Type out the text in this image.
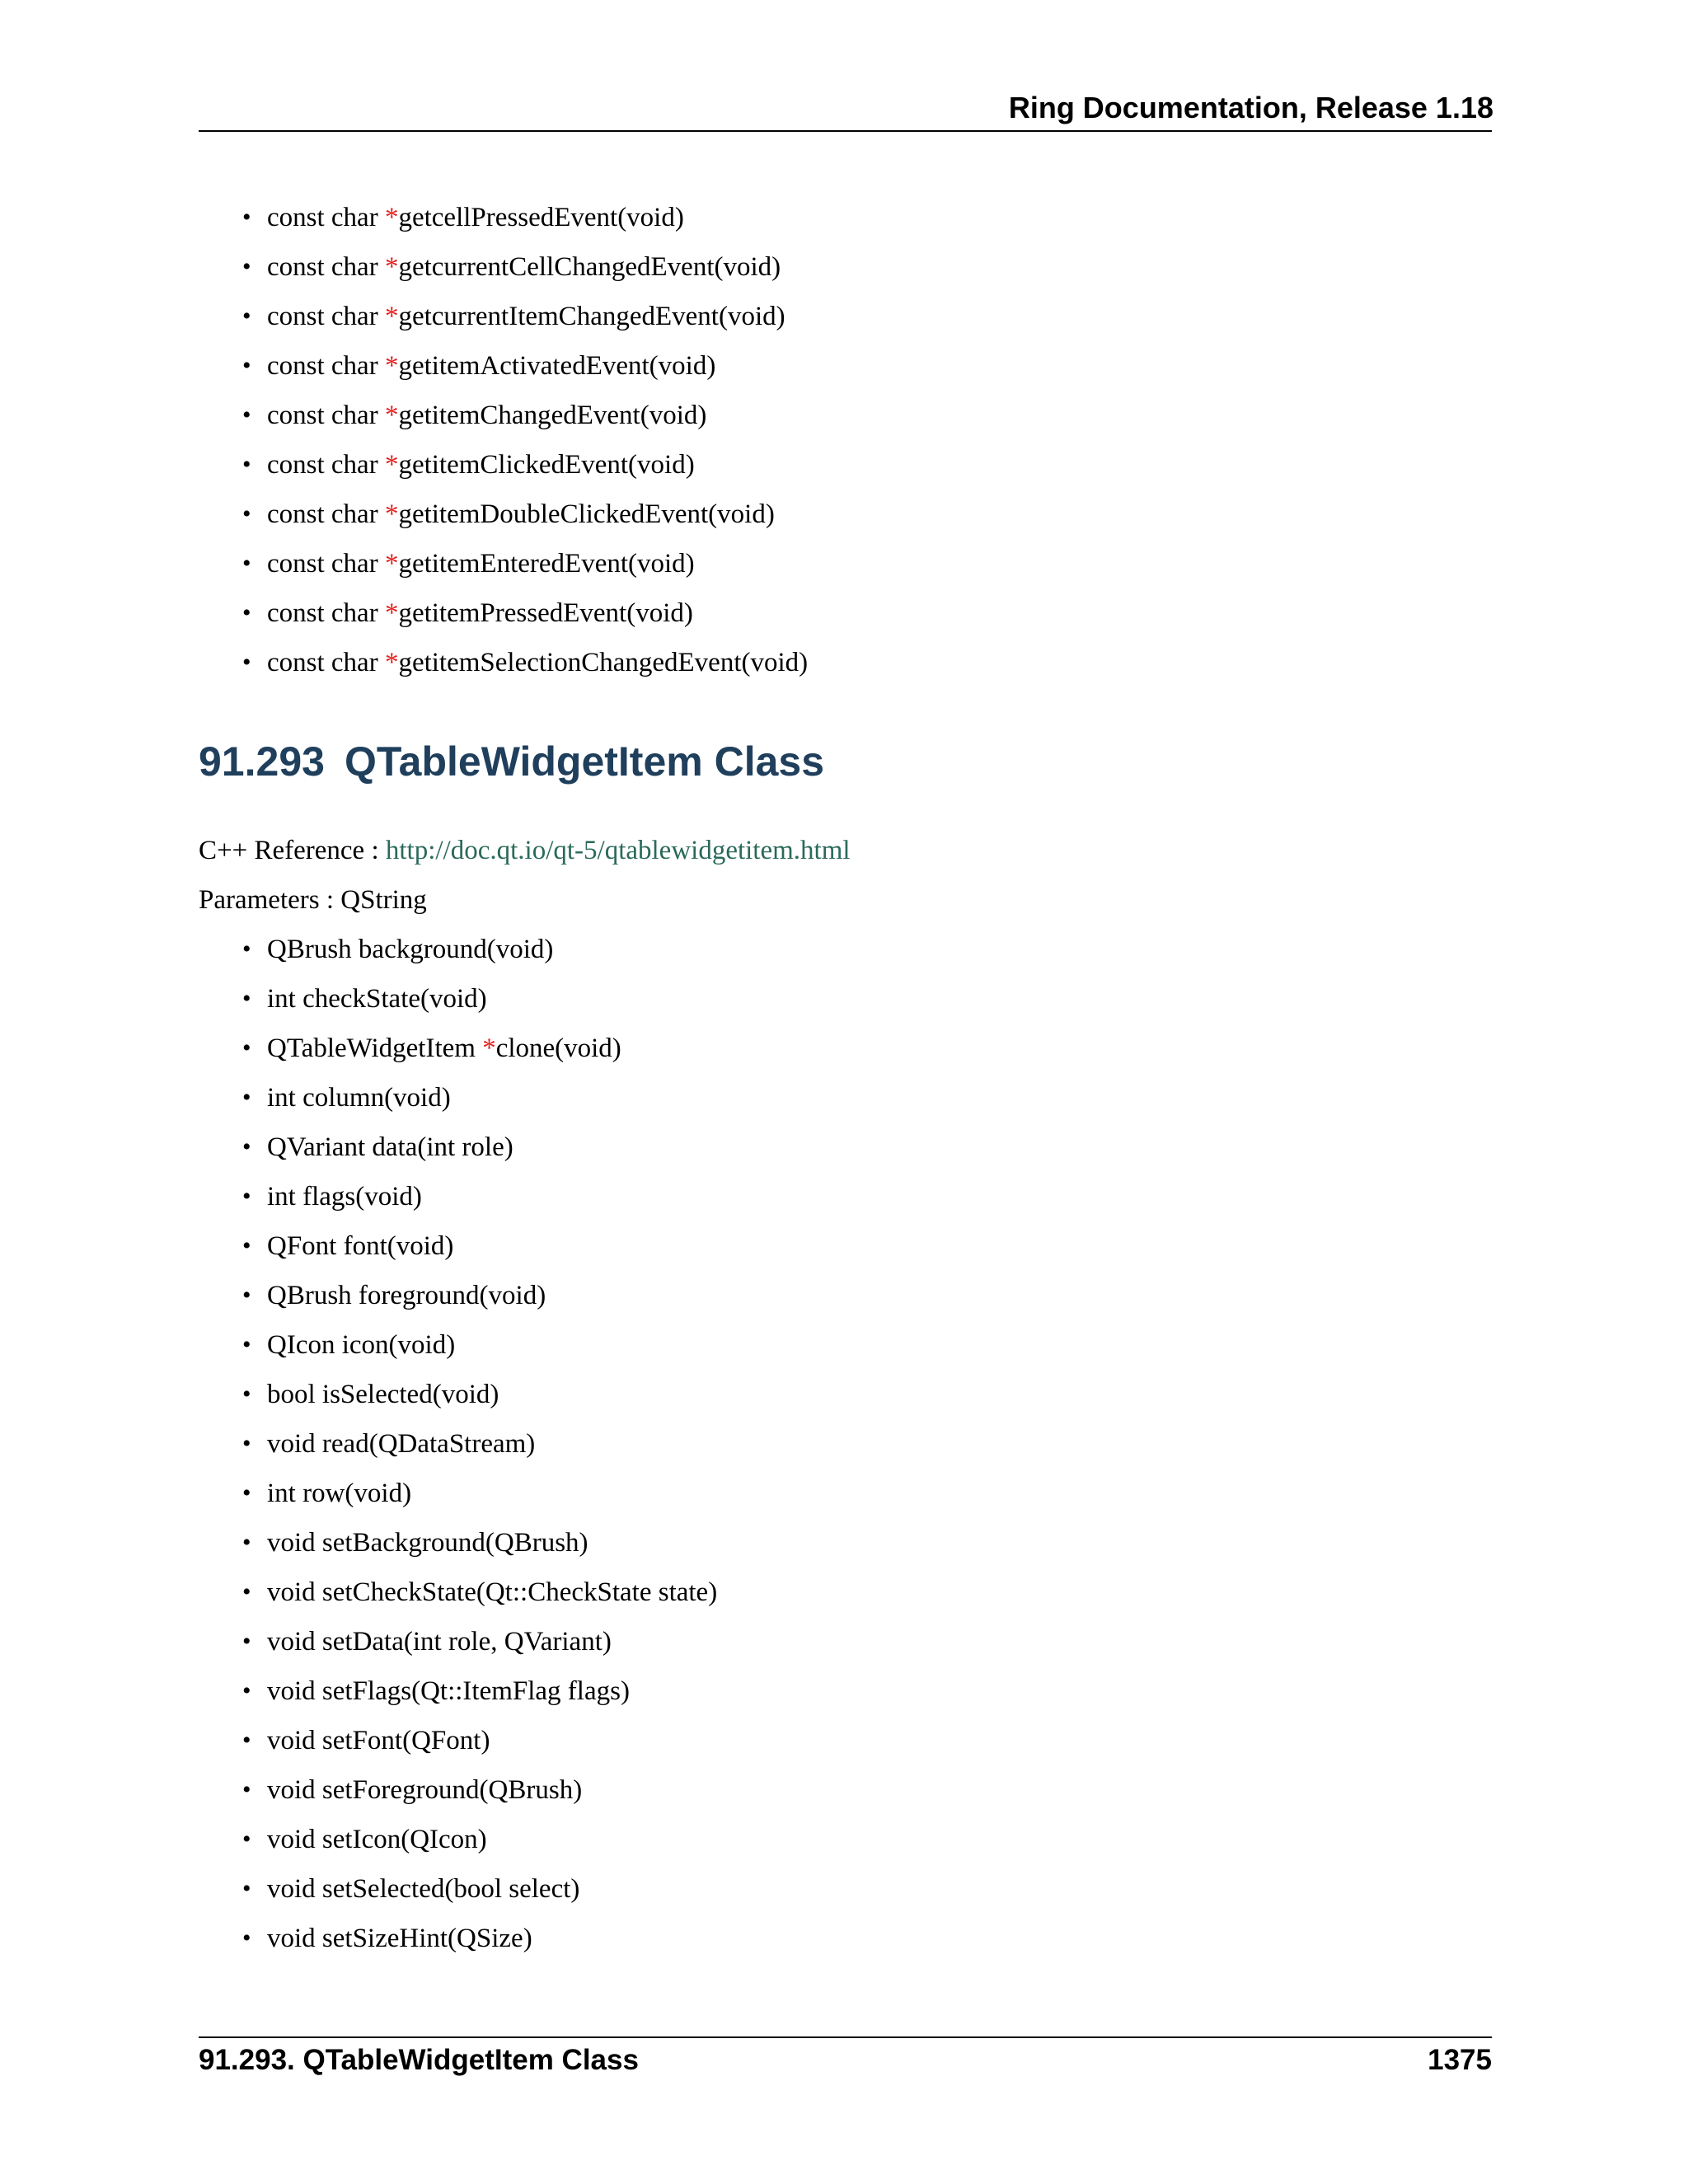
Ring Documentation, Release 1.18
• const char *getcellPressedEvent(void)
• const char *getcurrentCellChangedEvent(void)
• const char *getcurrentItemChangedEvent(void)
• const char *getitemActivatedEvent(void)
• const char *getitemChangedEvent(void)
• const char *getitemClickedEvent(void)
• const char *getitemDoubleClickedEvent(void)
• const char *getitemEnteredEvent(void)
• const char *getitemPressedEvent(void)
• const char *getitemSelectionChangedEvent(void)
91.293 QTableWidgetItem Class
C++ Reference : http://doc.qt.io/qt-5/qtablewidgetitem.html
Parameters : QString
• QBrush background(void)
• int checkState(void)
• QTableWidgetItem *clone(void)
• int column(void)
• QVariant data(int role)
• int flags(void)
• QFont font(void)
• QBrush foreground(void)
• QIcon icon(void)
• bool isSelected(void)
• void read(QDataStream)
• int row(void)
• void setBackground(QBrush)
• void setCheckState(Qt::CheckState state)
• void setData(int role, QVariant)
• void setFlags(Qt::ItemFlag flags)
• void setFont(QFont)
• void setForeground(QBrush)
• void setIcon(QIcon)
• void setSelected(bool select)
• void setSizeHint(QSize)
91.293. QTableWidgetItem Class	1375
